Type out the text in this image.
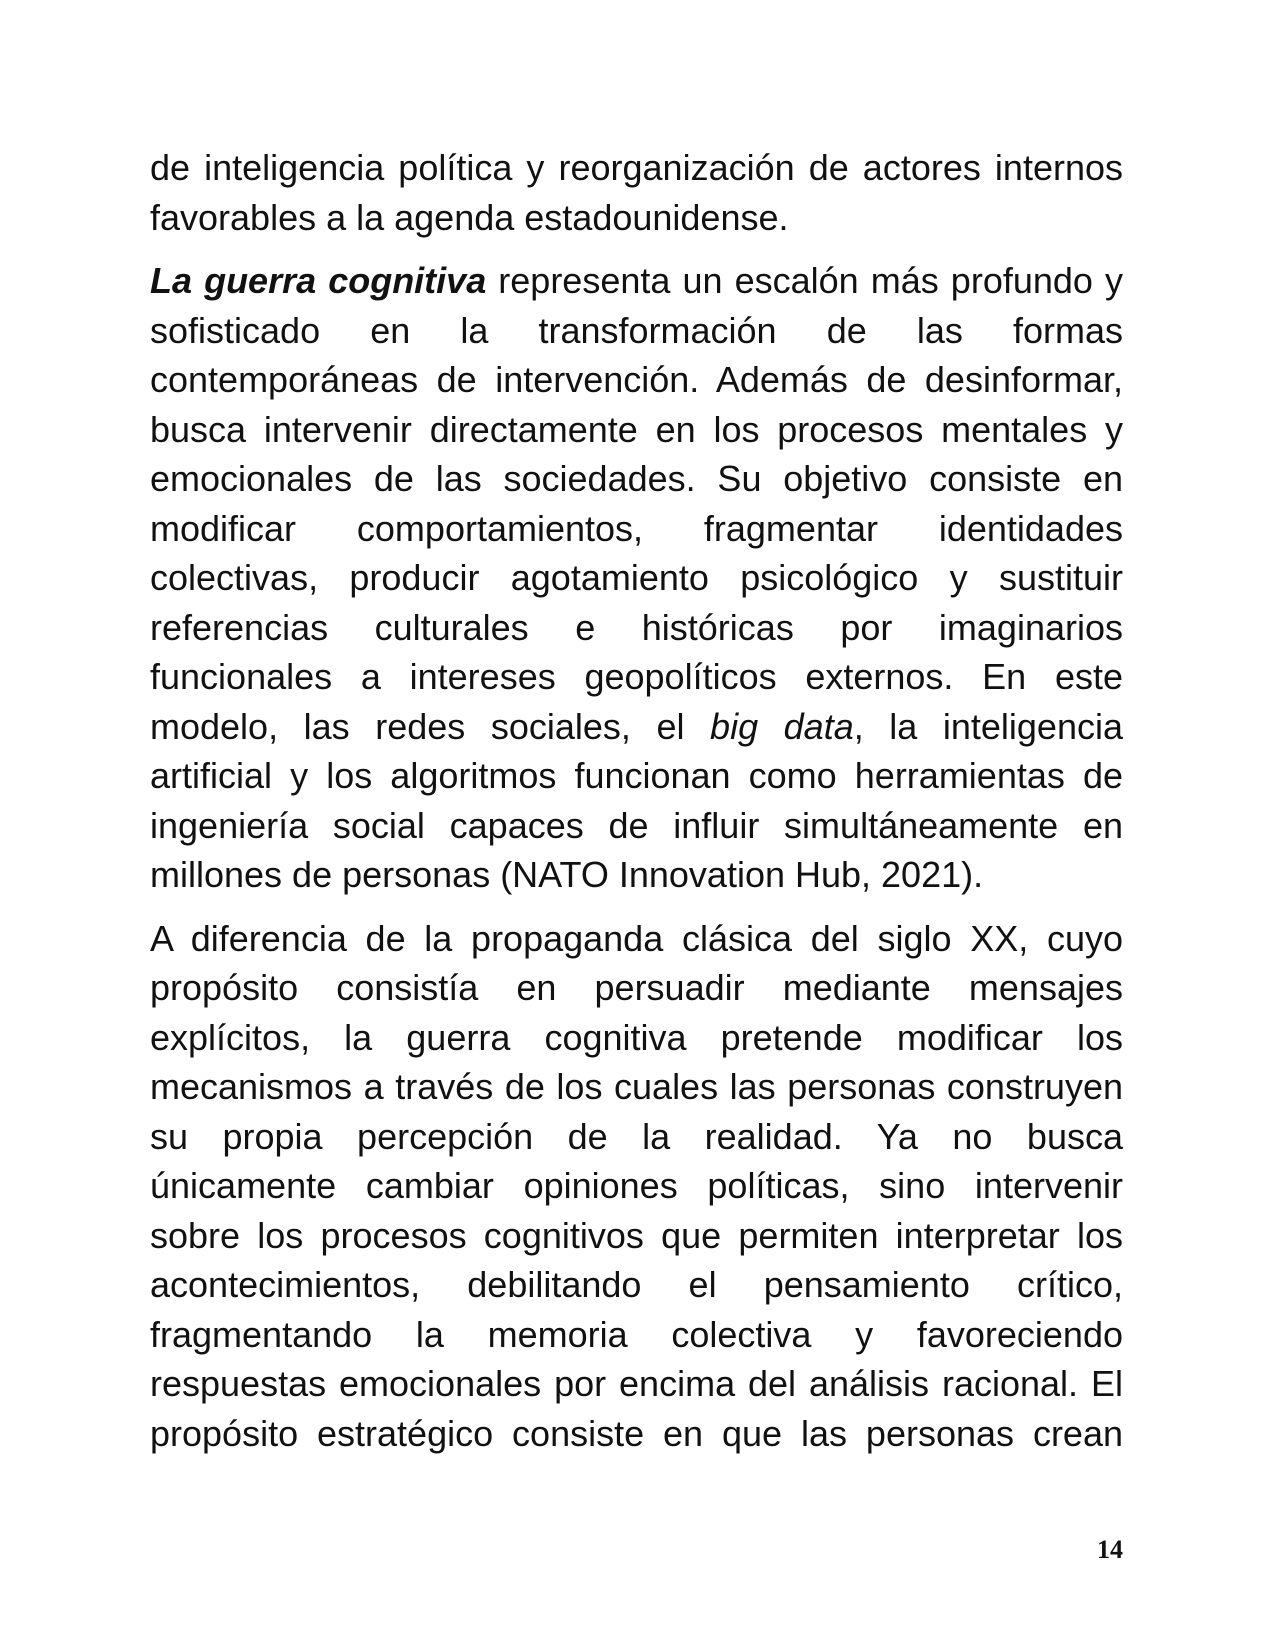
de inteligencia política y reorganización de actores internos favorables a la agenda estadounidense.

La guerra cognitiva representa un escalón más profundo y sofisticado en la transformación de las formas contemporáneas de intervención. Además de desinformar, busca intervenir directamente en los procesos mentales y emocionales de las sociedades. Su objetivo consiste en modificar comportamientos, fragmentar identidades colectivas, producir agotamiento psicológico y sustituir referencias culturales e históricas por imaginarios funcionales a intereses geopolíticos externos. En este modelo, las redes sociales, el big data, la inteligencia artificial y los algoritmos funcionan como herramientas de ingeniería social capaces de influir simultáneamente en millones de personas (NATO Innovation Hub, 2021).

A diferencia de la propaganda clásica del siglo XX, cuyo propósito consistía en persuadir mediante mensajes explícitos, la guerra cognitiva pretende modificar los mecanismos a través de los cuales las personas construyen su propia percepción de la realidad. Ya no busca únicamente cambiar opiniones políticas, sino intervenir sobre los procesos cognitivos que permiten interpretar los acontecimientos, debilitando el pensamiento crítico, fragmentando la memoria colectiva y favoreciendo respuestas emocionales por encima del análisis racional. El propósito estratégico consiste en que las personas crean

14
